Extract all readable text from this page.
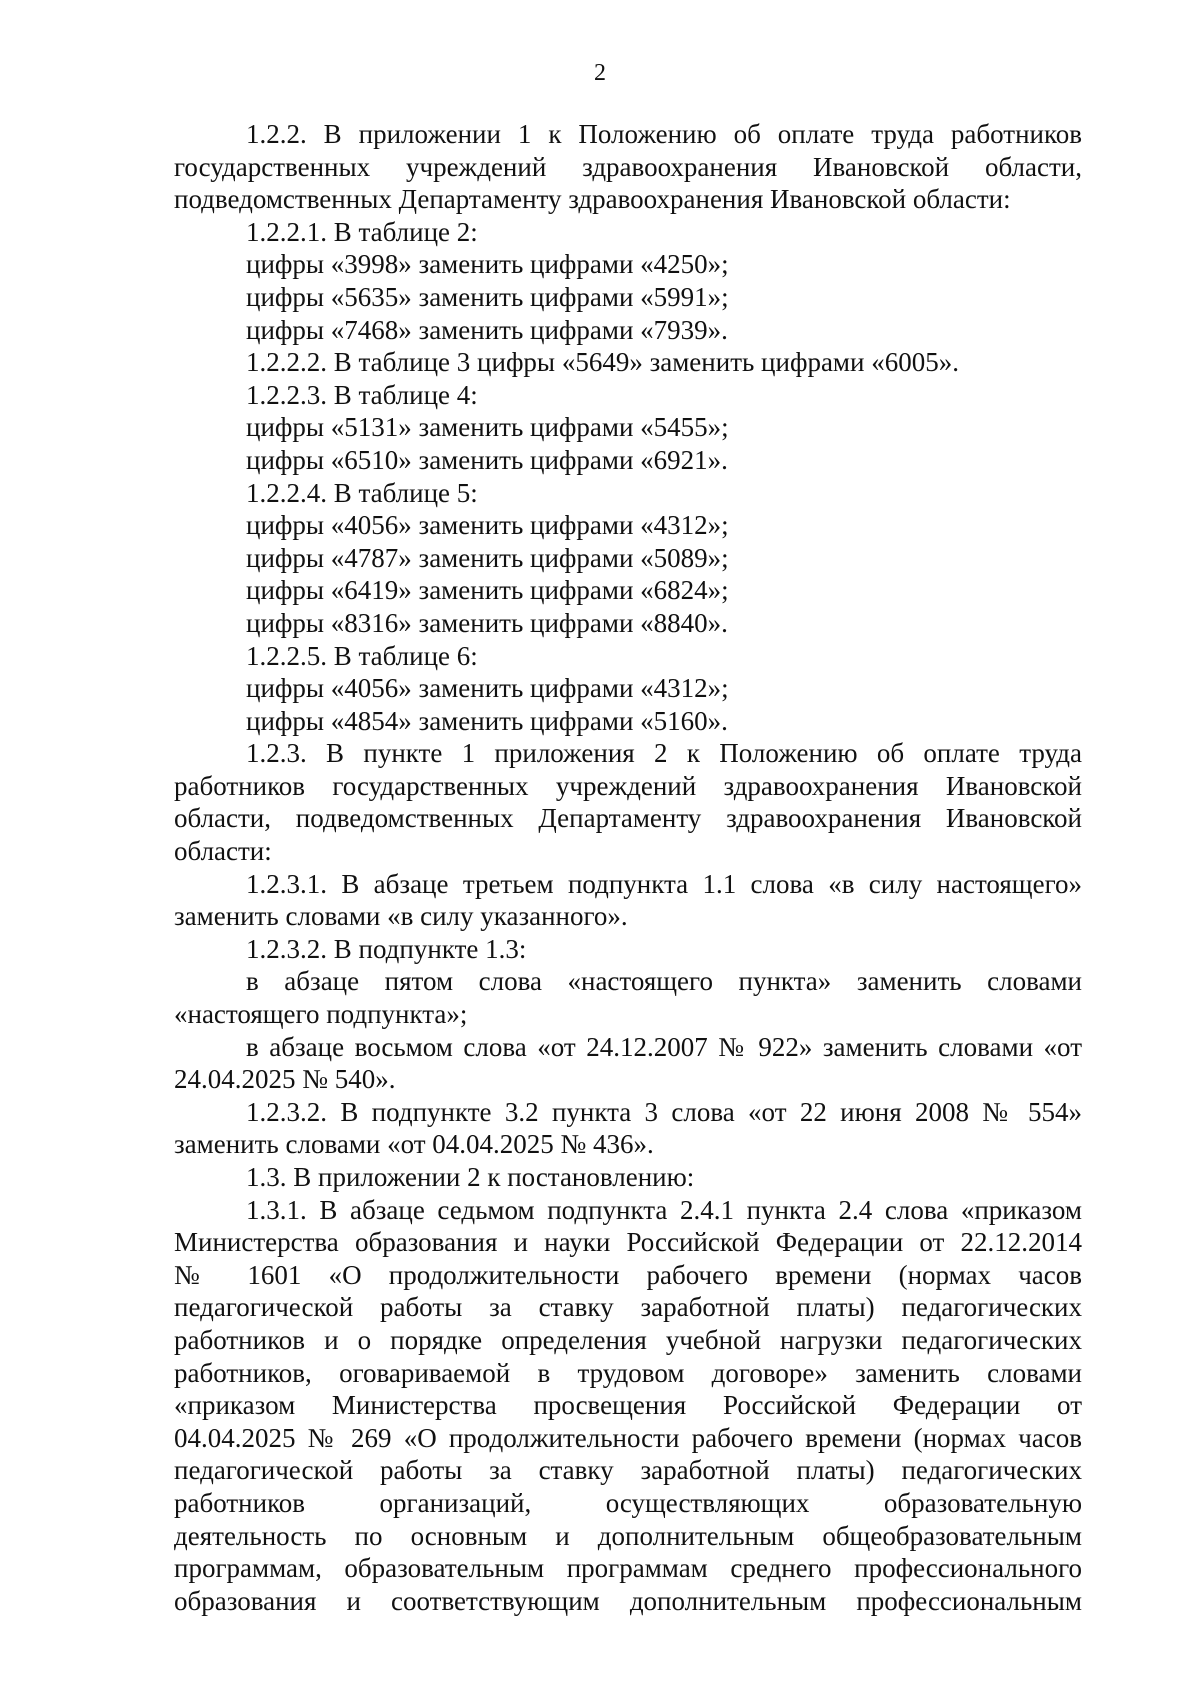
2

1.2.2. В приложении 1 к Положению об оплате труда работников государственных учреждений здравоохранения Ивановской области, подведомственных Департаменту здравоохранения Ивановской области:

1.2.2.1. В таблице 2:

цифры «3998» заменить цифрами «4250»;

цифры «5635» заменить цифрами «5991»;

цифры «7468» заменить цифрами «7939».

1.2.2.2. В таблице 3 цифры «5649» заменить цифрами «6005».

1.2.2.3. В таблице 4:

цифры «5131» заменить цифрами «5455»;

цифры «6510» заменить цифрами «6921».

1.2.2.4. В таблице 5:

цифры «4056» заменить цифрами «4312»;

цифры «4787» заменить цифрами «5089»;

цифры «6419» заменить цифрами «6824»;

цифры «8316» заменить цифрами «8840».

1.2.2.5. В таблице 6:

цифры «4056» заменить цифрами «4312»;

цифры «4854» заменить цифрами «5160».

1.2.3. В пункте 1 приложения 2 к Положению об оплате труда работников государственных учреждений здравоохранения Ивановской области, подведомственных Департаменту здравоохранения Ивановской области:

1.2.3.1. В абзаце третьем подпункта 1.1 слова «в силу настоящего» заменить словами «в силу указанного».

1.2.3.2. В подпункте 1.3:

в абзаце пятом слова «настоящего пункта» заменить словами «настоящего подпункта»;

в абзаце восьмом слова «от 24.12.2007 № 922» заменить словами «от 24.04.2025 № 540».

1.2.3.2. В подпункте 3.2 пункта 3 слова «от 22 июня 2008 № 554» заменить словами «от 04.04.2025 № 436».

1.3. В приложении 2 к постановлению:

1.3.1. В абзаце седьмом подпункта 2.4.1 пункта 2.4 слова «приказом
Министерства образования и науки Российской Федерации от 22.12.2014
№ 1601 «О продолжительности рабочего времени (нормах часов
педагогической работы за ставку заработной платы) педагогических
работников и о порядке определения учебной нагрузки педагогических
работников, оговариваемой в трудовом договоре» заменить словами
«приказом Министерства просвещения Российской Федерации от
04.04.2025 № 269 «О продолжительности рабочего времени (нормах часов
педагогической работы за ставку заработной платы) педагогических
работников организаций, осуществляющих образовательную
деятельность по основным и дополнительным общеобразовательным
программам, образовательным программам среднего профессионального
образования и соответствующим дополнительным профессиональным
